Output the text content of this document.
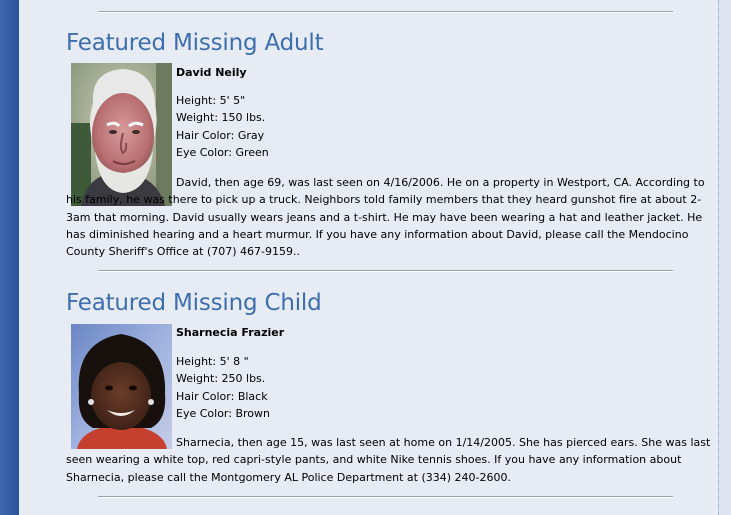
Featured Missing Adult
David Neily
Height: 5' 5"
Weight: 150 lbs.
Hair Color: Gray
Eye Color: Green

David, then age 69, was last seen on 4/16/2006. He on a property in Westport, CA. According to his family, he was there to pick up a truck. Neighbors told family members that they heard gunshot fire at about 2-3am that morning. David usually wears jeans and a t-shirt. He may have been wearing a hat and leather jacket. He has diminished hearing and a heart murmur. If you have any information about David, please call the Mendocino County Sheriff's Office at (707) 467-9159..

Featured Missing Child
Sharnecia Frazier
Height: 5' 8 "
Weight: 250 lbs.
Hair Color: Black
Eye Color: Brown

Sharnecia, then age 15, was last seen at home on 1/14/2005. She has pierced ears. She was last seen wearing a white top, red capri-style pants, and white Nike tennis shoes. If you have any information about Sharnecia, please call the Montgomery AL Police Department at (334) 240-2600.
